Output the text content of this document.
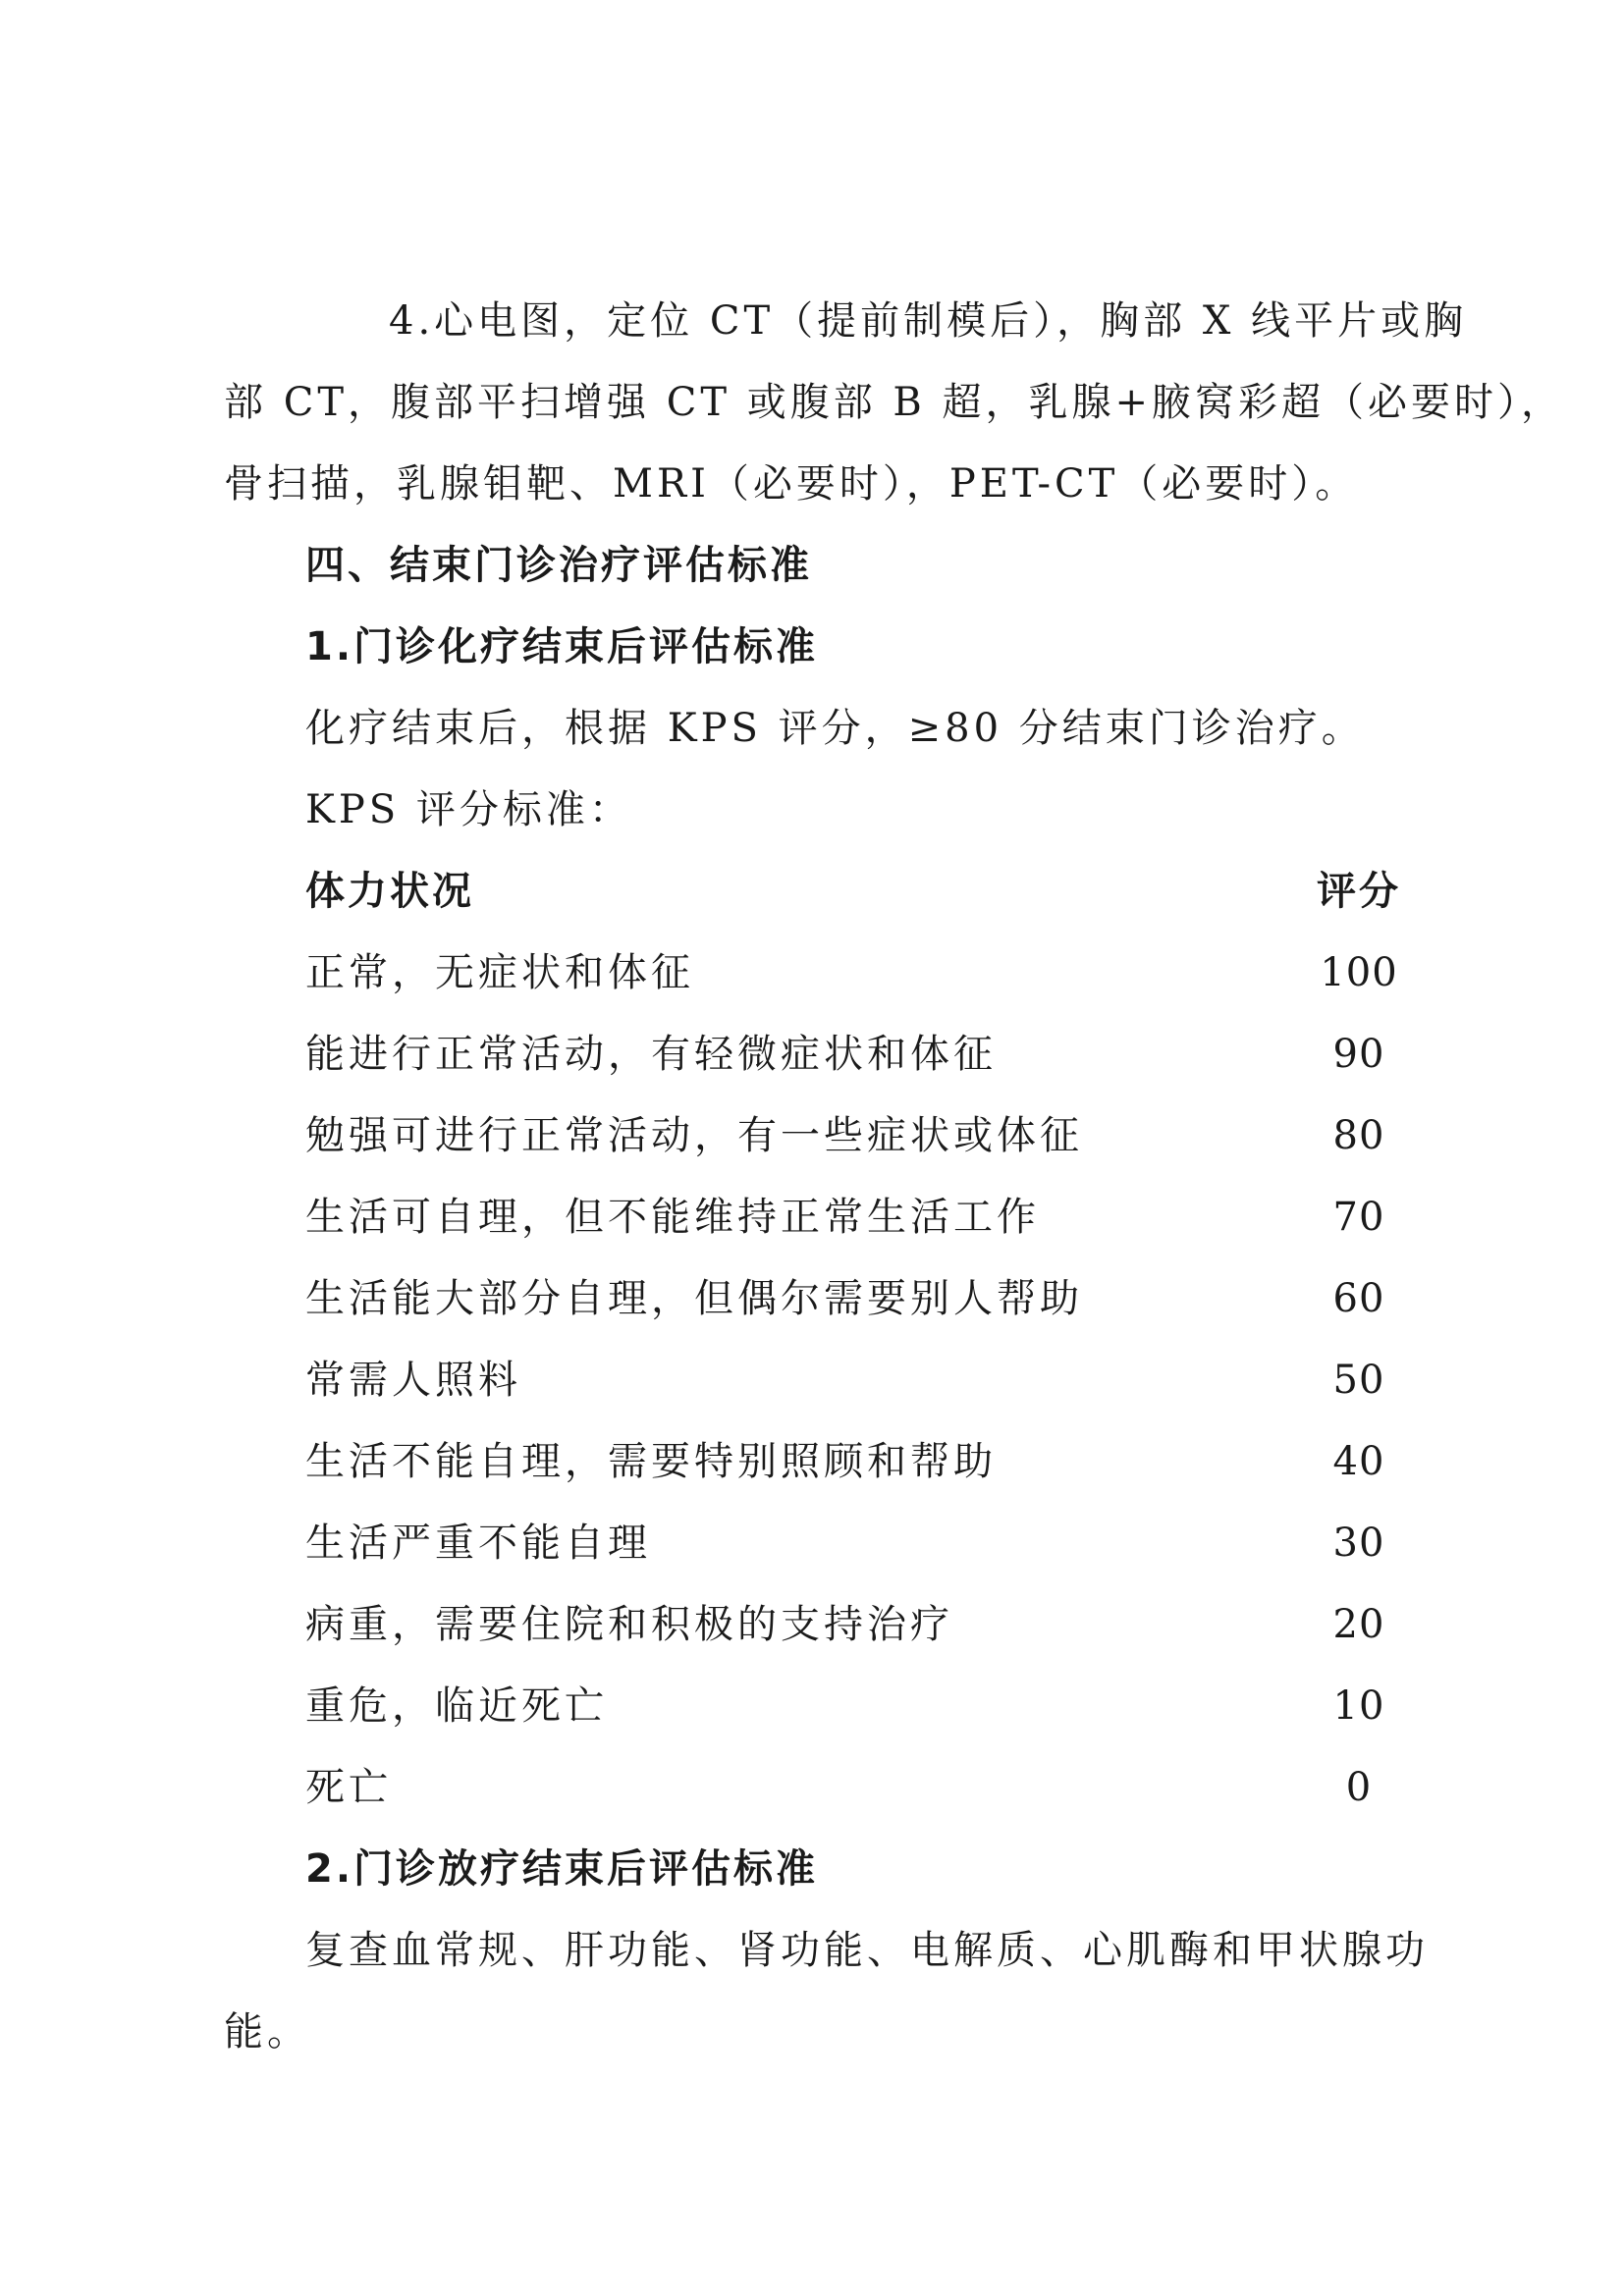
4.心电图，定位 CT（提前制模后），胸部 X 线平片或胸
部 CT，腹部平扫增强 CT 或腹部 B 超，乳腺+腋窝彩超（必要时），
骨扫描，乳腺钼靶、MRI（必要时），PET-CT（必要时）。
四、结束门诊治疗评估标准
1.门诊化疗结束后评估标准
化疗结束后，根据 KPS 评分，≥80 分结束门诊治疗。
KPS 评分标准：
体力状况	评分
正常，无症状和体征	100
能进行正常活动，有轻微症状和体征	90
勉强可进行正常活动，有一些症状或体征	80
生活可自理，但不能维持正常生活工作	70
生活能大部分自理，但偶尔需要别人帮助	60
常需人照料	50
生活不能自理，需要特别照顾和帮助	40
生活严重不能自理	30
病重，需要住院和积极的支持治疗	20
重危，临近死亡	10
死亡	0
2.门诊放疗结束后评估标准
复查血常规、肝功能、肾功能、电解质、心肌酶和甲状腺功
能。
